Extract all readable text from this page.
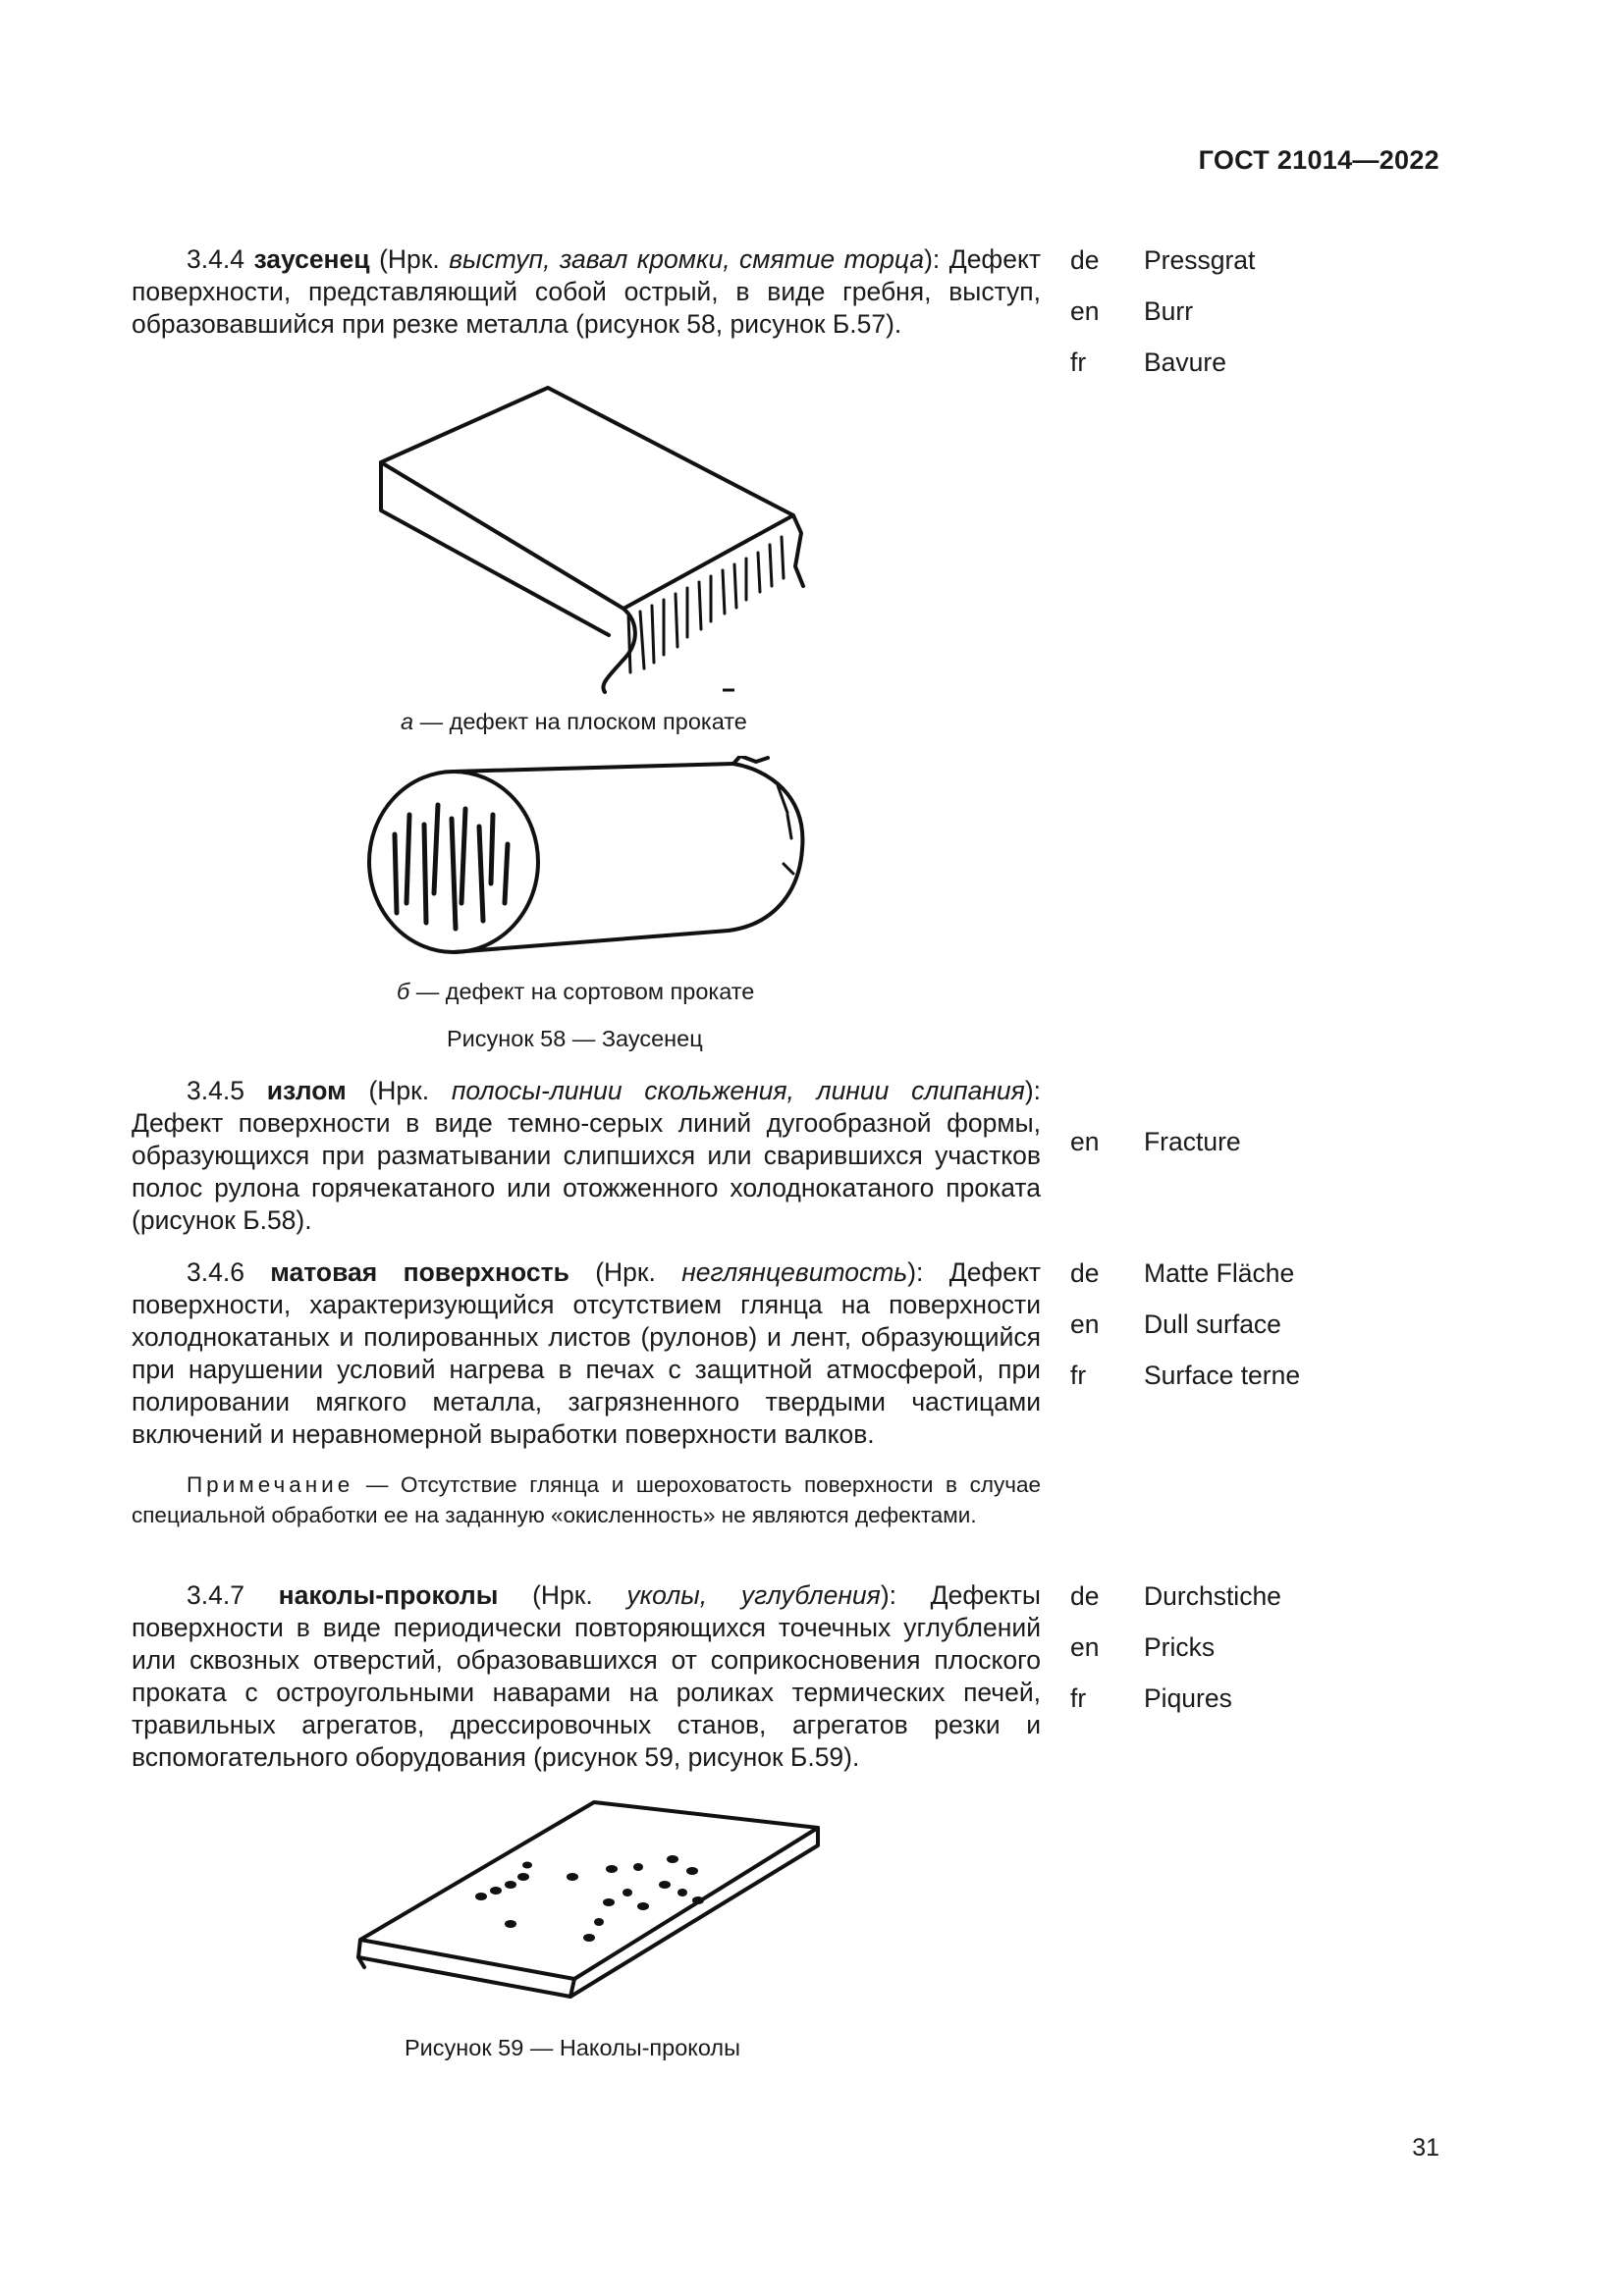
ГОСТ 21014—2022

3.4.4 заусенец (Нрк. выступ, завал кромки, смятие торца): Дефект поверхности, представляющий собой острый, в виде гребня, выступ, образовавшийся при резке металла (рисунок 58, рисунок Б.57).

de	Pressgrat
en	Burr
fr	Bavure
а — дефект на плоском прокате
б — дефект на сортовом прокате
Рисунок 58 — Заусенец

3.4.5 излом (Нрк. полосы-линии скольжения, линии слипания): Дефект поверхности в виде темно-серых линий дугообразной формы, образующихся при разматывании слипшихся или сварившихся участков полос рулона горячекатаного или отожженного холоднокатаного проката (рисунок Б.58).

en	Fracture

3.4.6 матовая поверхность (Нрк. неглянцевитость): Дефект поверхности, характеризующийся отсутствием глянца на поверхности холоднокатаных и полированных листов (рулонов) и лент, образующийся при нарушении условий нагрева в печах с защитной атмосферой, при полировании мягкого металла, загрязненного твердыми частицами включений и неравномерной выработки поверхности валков.

de	Matte Fläche
en	Dull surface
fr	Surface terne

Примечание — Отсутствие глянца и шероховатость поверхности в случае специальной обработки ее на заданную «окисленность» не являются дефектами.

3.4.7 наколы-проколы (Нрк. уколы, углубления): Дефекты поверхности в виде периодически повторяющихся точечных углублений или сквозных отверстий, образовавшихся от соприкосновения плоского проката с остроугольными наварами на роликах термических печей, травильных агрегатов, дрессировочных станов, агрегатов резки и вспомогательного оборудования (рисунок 59, рисунок Б.59).

de	Durchstiche
en	Pricks
fr	Piqures
Рисунок 59 — Наколы-проколы
31
